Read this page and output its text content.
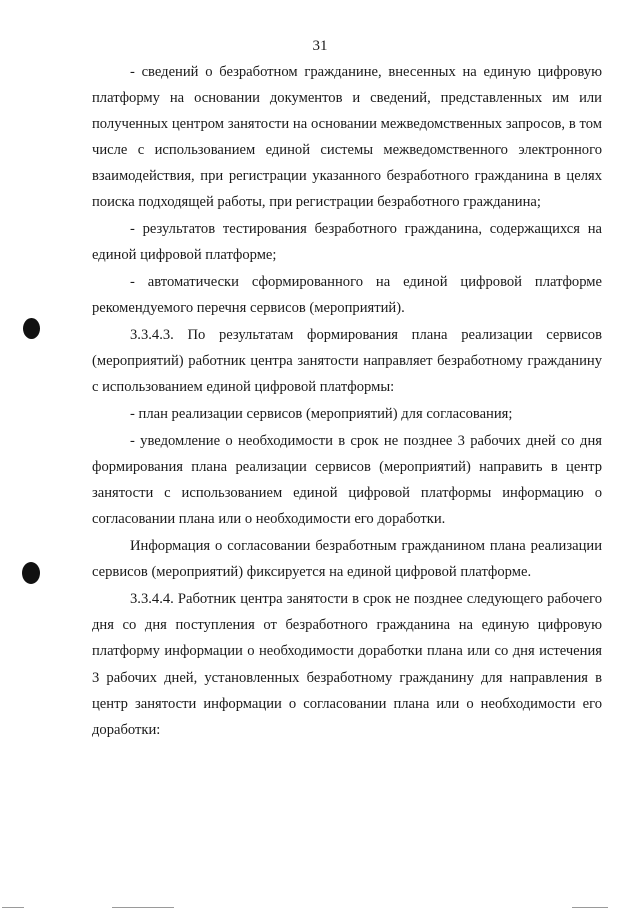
31

- сведений о безработном гражданине, внесенных на единую цифровую платформу на основании документов и сведений, представленных им или полученных центром занятости на основании межведомственных запросов, в том числе с использованием единой системы межведомственного электронного взаимодействия, при регистрации указанного безработного гражданина в целях поиска подходящей работы, при регистрации безработного гражданина;

- результатов тестирования безработного гражданина, содержащихся на единой цифровой платформе;

- автоматически сформированного на единой цифровой платформе рекомендуемого перечня сервисов (мероприятий).

3.3.4.3. По результатам формирования плана реализации сервисов (мероприятий) работник центра занятости направляет безработному гражданину с использованием единой цифровой платформы:

- план реализации сервисов (мероприятий) для согласования;

- уведомление о необходимости в срок не позднее 3 рабочих дней со дня формирования плана реализации сервисов (мероприятий) направить в центр занятости с использованием единой цифровой платформы информацию о согласовании плана или о необходимости его доработки.

Информация о согласовании безработным гражданином плана реализации сервисов (мероприятий) фиксируется на единой цифровой платформе.

3.3.4.4. Работник центра занятости в срок не позднее следующего рабочего дня со дня поступления от безработного гражданина на единую цифровую платформу информации о необходимости доработки плана или со дня истечения 3 рабочих дней, установленных безработному гражданину для направления в центр занятости информации о согласовании плана или о необходимости его доработки:
